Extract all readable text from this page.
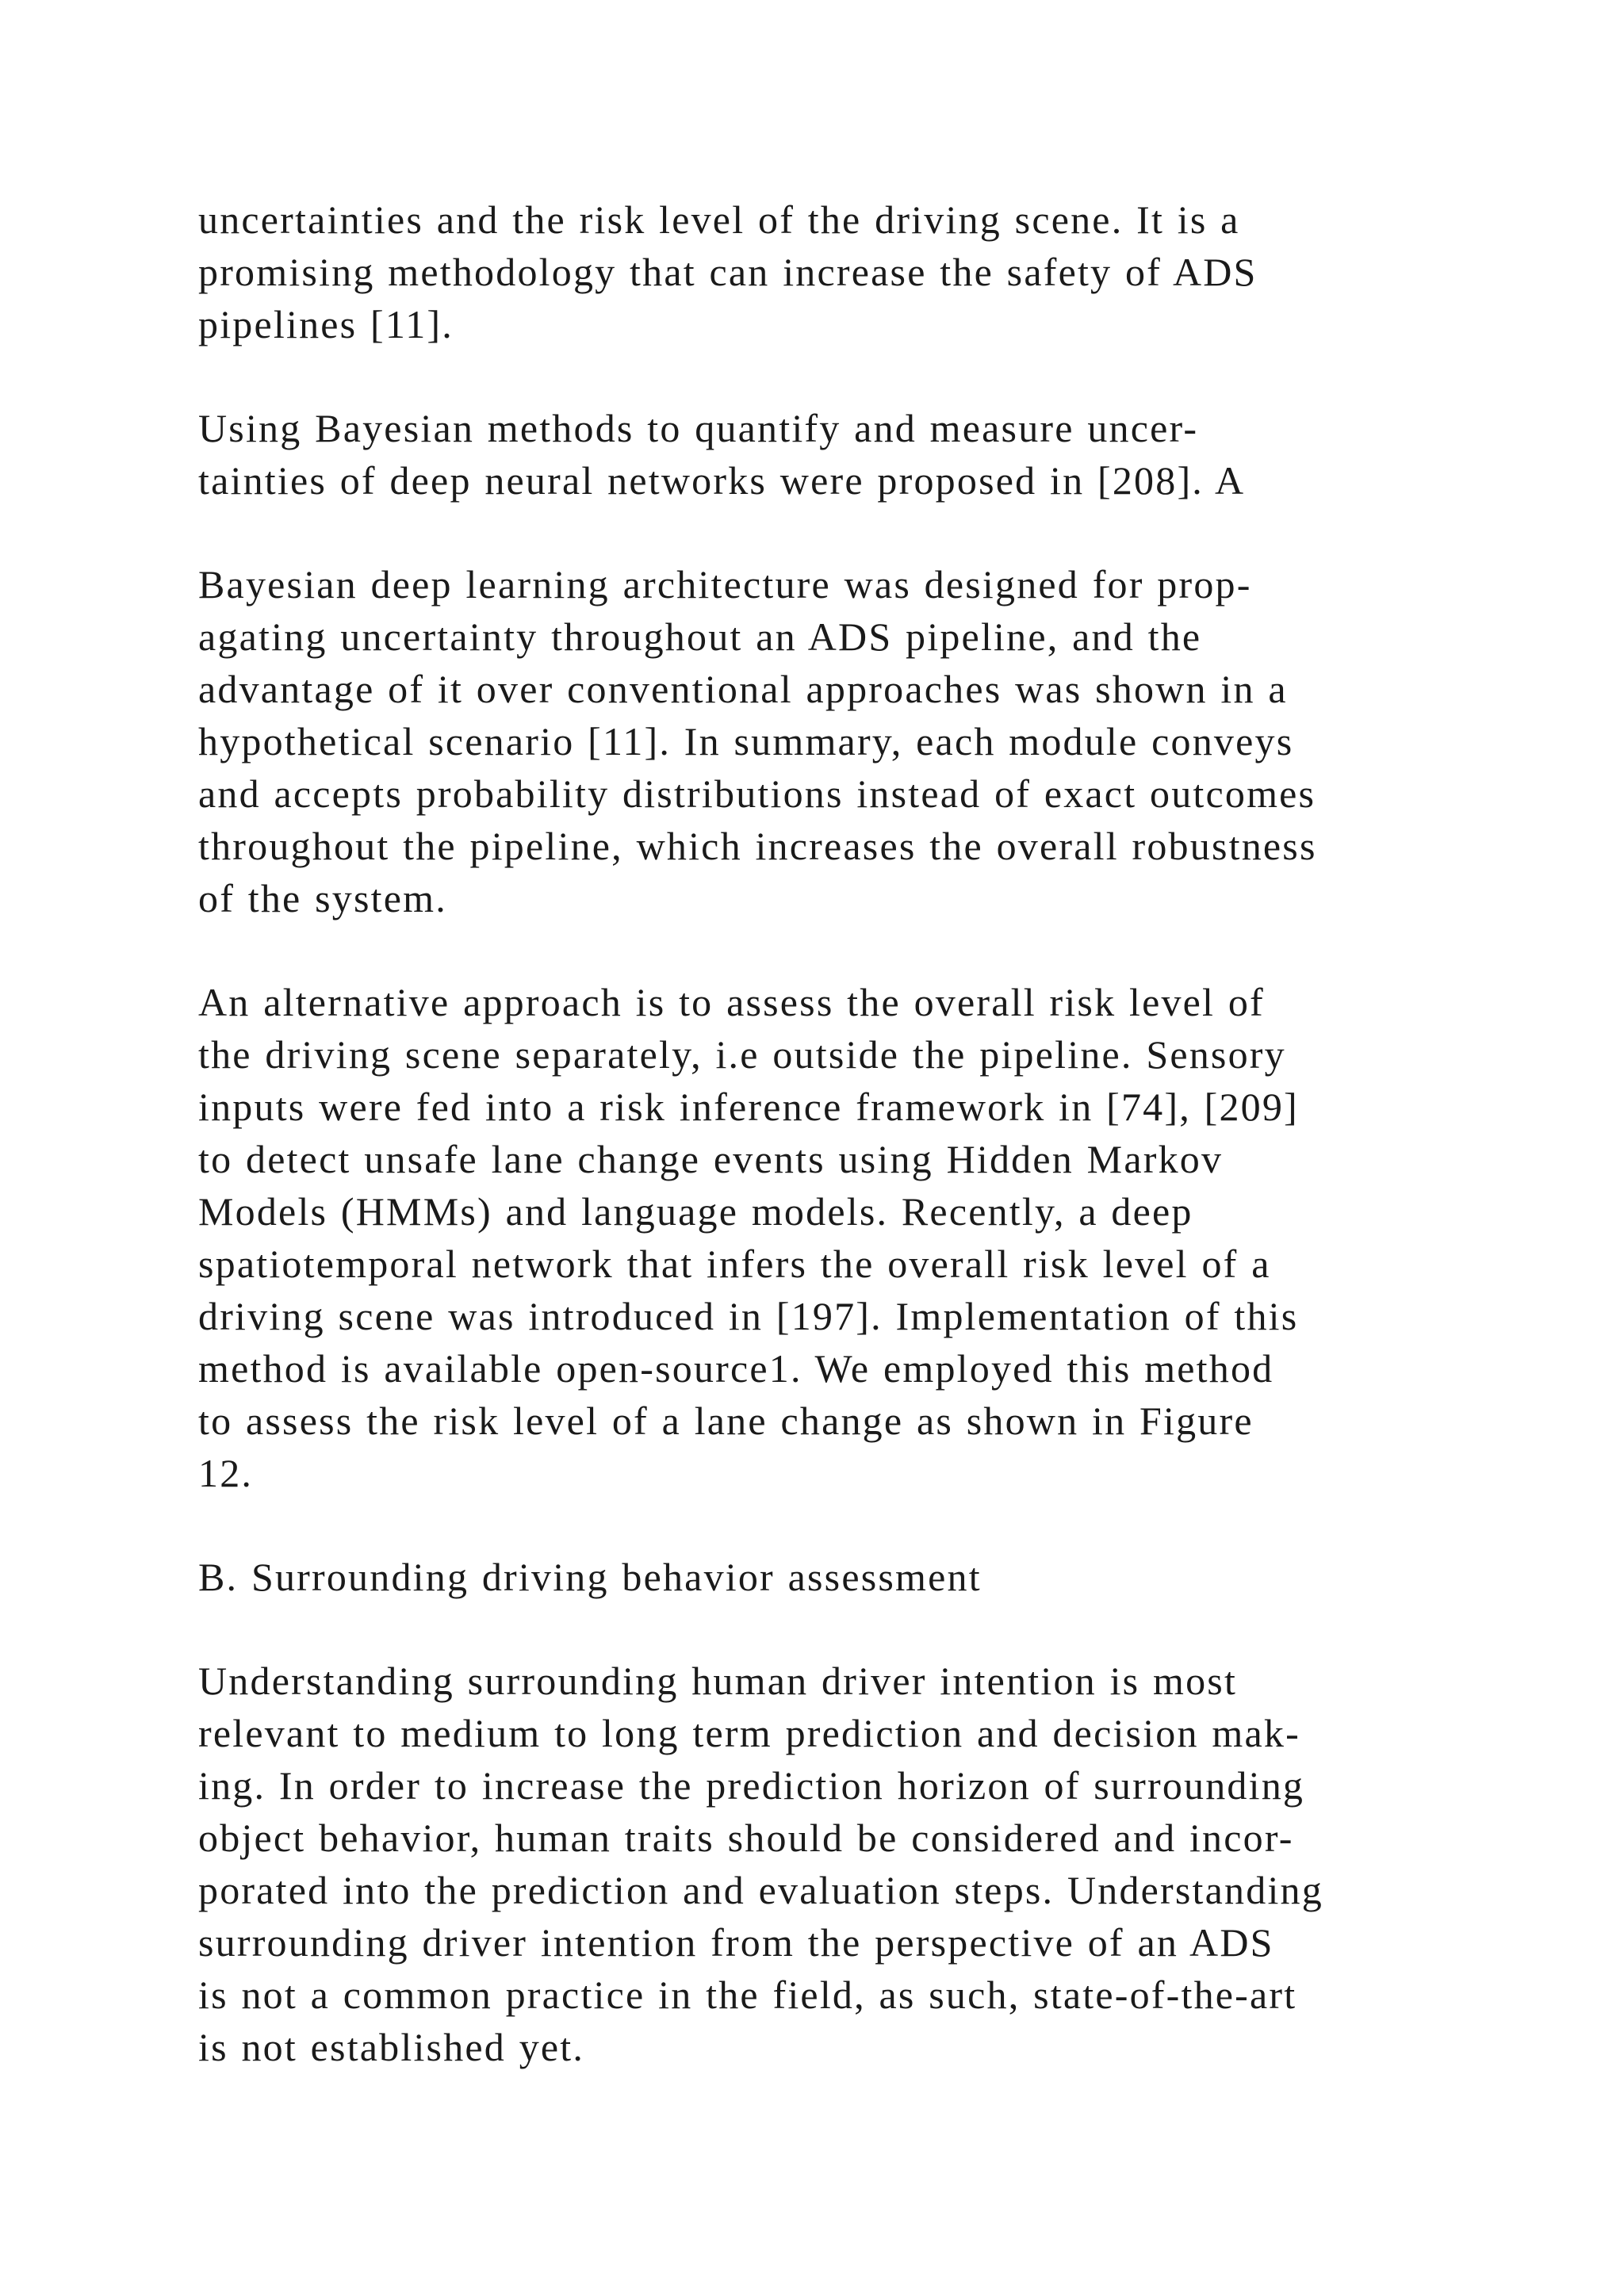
uncertainties and the risk level of the driving scene. It is a
promising methodology that can increase the safety of ADS
pipelines [11].
Using Bayesian methods to quantify and measure uncer-
tainties of deep neural networks were proposed in [208]. A
Bayesian deep learning architecture was designed for prop-
agating uncertainty throughout an ADS pipeline, and the
advantage of it over conventional approaches was shown in a
hypothetical scenario [11]. In summary, each module conveys
and accepts probability distributions instead of exact outcomes
throughout the pipeline, which increases the overall robustness
of the system.
An alternative approach is to assess the overall risk level of
the driving scene separately, i.e outside the pipeline. Sensory
inputs were fed into a risk inference framework in [74], [209]
to detect unsafe lane change events using Hidden Markov
Models (HMMs) and language models. Recently, a deep
spatiotemporal network that infers the overall risk level of a
driving scene was introduced in [197]. Implementation of this
method is available open-source1. We employed this method
to assess the risk level of a lane change as shown in Figure
12.
B. Surrounding driving behavior assessment
Understanding surrounding human driver intention is most
relevant to medium to long term prediction and decision mak-
ing. In order to increase the prediction horizon of surrounding
object behavior, human traits should be considered and incor-
porated into the prediction and evaluation steps. Understanding
surrounding driver intention from the perspective of an ADS
is not a common practice in the field, as such, state-of-the-art
is not established yet.
